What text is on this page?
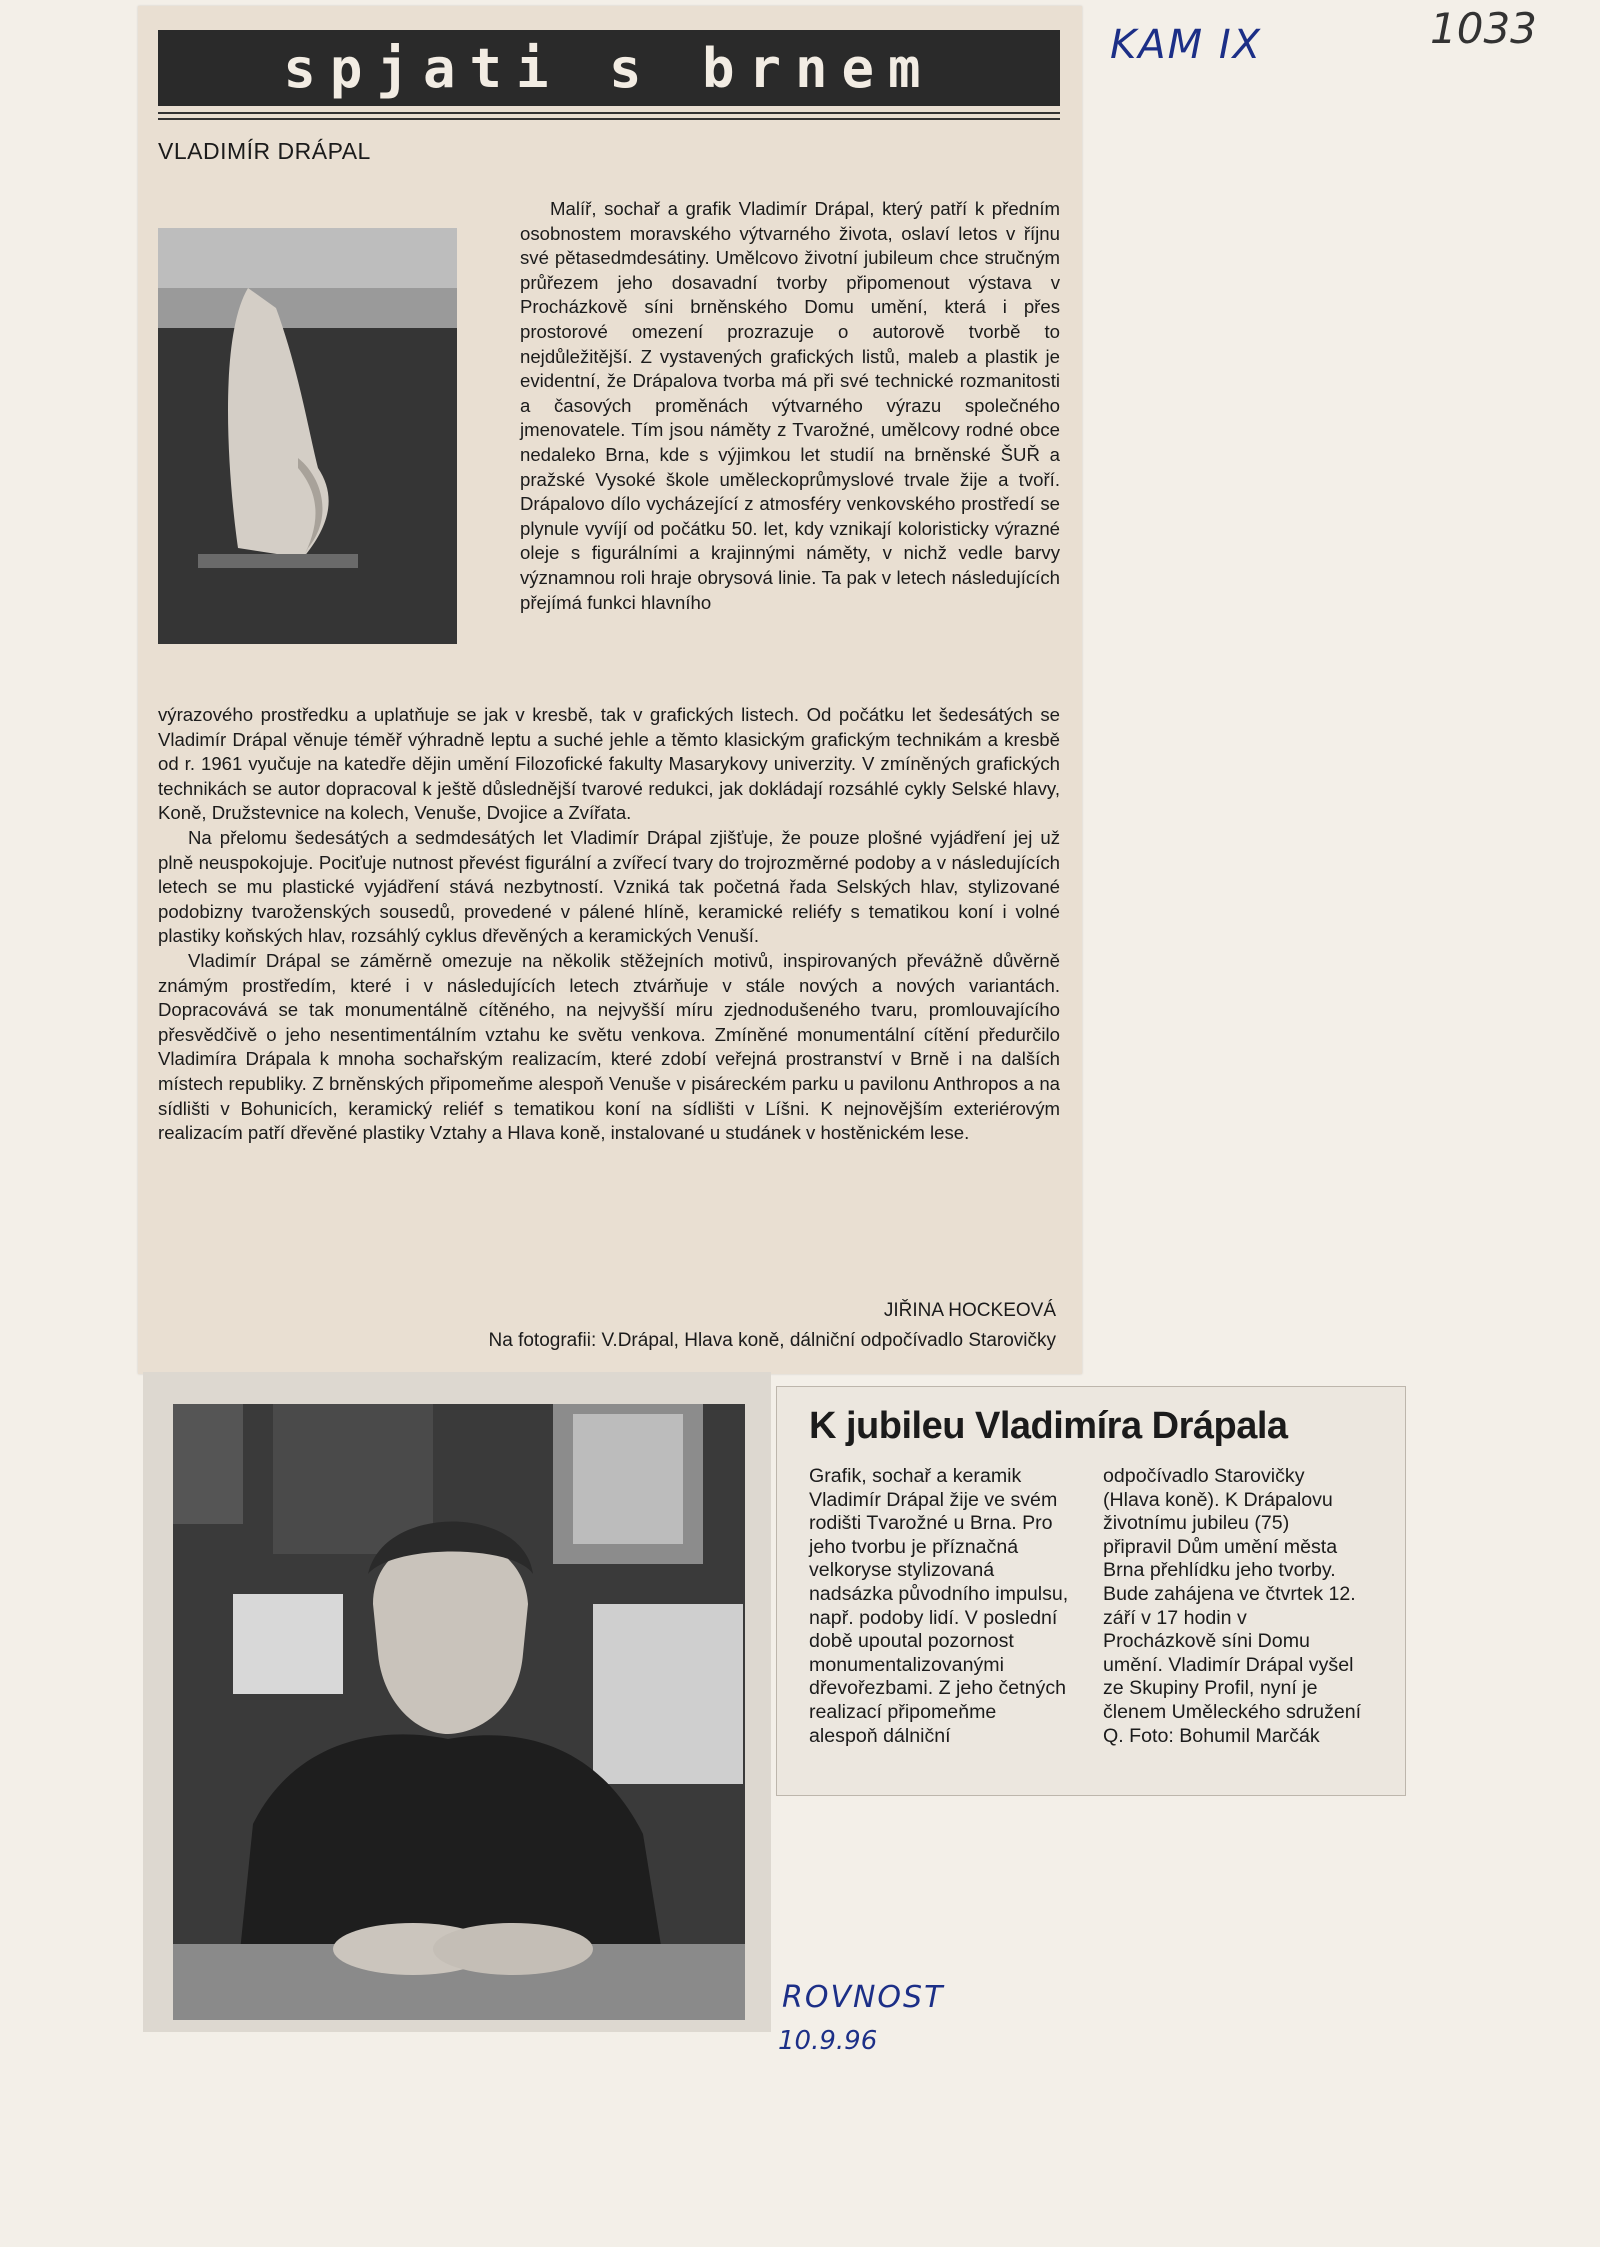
spjati s brnem
VLADIMÍR DRÁPAL

Malíř, sochař a grafik Vladimír Drápal, který patří k předním osobnostem moravského výtvarného života, oslaví letos v říjnu své pětasedmdesátiny. Umělcovo životní jubileum chce stručným průřezem jeho dosavadní tvorby připomenout výstava v Procházkově síni brněnského Domu umění, která i přes prostorové omezení prozrazuje o autorově tvorbě to nejdůležitější. Z vystavených grafických listů, maleb a plastik je evidentní, že Drápalova tvorba má při své technické rozmanitosti a časových proměnách výtvarného výrazu společného jmenovatele. Tím jsou náměty z Tvarožné, umělcovy rodné obce nedaleko Brna, kde s výjimkou let studií na brněnské ŠUŘ a pražské Vysoké škole uměleckoprůmyslové trvale žije a tvoří. Drápalovo dílo vycházející z atmosféry venkovského prostředí se plynule vyvíjí od počátku 50. let, kdy vznikají koloristicky výrazné oleje s figurálními a krajinnými náměty, v nichž vedle barvy významnou roli hraje obrysová linie. Ta pak v letech následujících přejímá funkci hlavního

výrazového prostředku a uplatňuje se jak v kresbě, tak v grafických listech. Od počátku let šedesátých se Vladimír Drápal věnuje téměř výhradně leptu a suché jehle a těmto klasickým grafickým technikám a kresbě od r. 1961 vyučuje na katedře dějin umění Filozofické fakulty Masarykovy univerzity. V zmíněných grafických technikách se autor dopracoval k ještě důslednější tvarové redukci, jak dokládají rozsáhlé cykly Selské hlavy, Koně, Družstevnice na kolech, Venuše, Dvojice a Zvířata.

Na přelomu šedesátých a sedmdesátých let Vladimír Drápal zjišťuje, že pouze plošné vyjádření jej už plně neuspokojuje. Pociťuje nutnost převést figurální a zvířecí tvary do trojrozměrné podoby a v následujících letech se mu plastické vyjádření stává nezbytností. Vzniká tak početná řada Selských hlav, stylizované podobizny tvaroženských sousedů, provedené v pálené hlíně, keramické reliéfy s tematikou koní i volné plastiky koňských hlav, rozsáhlý cyklus dřevěných a keramických Venuší.

Vladimír Drápal se záměrně omezuje na několik stěžejních motivů, inspirovaných převážně důvěrně známým prostředím, které i v následujících letech ztvárňuje v stále nových a nových variantách. Dopracovává se tak monumentálně cítěného, na nejvyšší míru zjednodušeného tvaru, promlouvajícího přesvědčivě o jeho nesentimentálním vztahu ke světu venkova. Zmíněné monumentální cítění předurčilo Vladimíra Drápala k mnoha sochařským realizacím, které zdobí veřejná prostranství v Brně i na dalších místech republiky. Z brněnských připomeňme alespoň Venuše v pisáreckém parku u pavilonu Anthropos a na sídlišti v Bohunicích, keramický reliéf s tematikou koní na sídlišti v Líšni. K nejnovějším exteriérovým realizacím patří dřevěné plastiky Vztahy a Hlava koně, instalované u studánek v hostěnickém lese.

JIŘINA HOCKEOVÁ
Na fotografii: V.Drápal, Hlava koně, dálniční odpočívadlo Starovičky
K jubileu Vladimíra Drápala
Grafik, sochař a keramik Vladimír Drápal žije ve svém rodišti Tvarožné u Brna. Pro jeho tvorbu je příznačná velkoryse stylizovaná nadsázka původního impulsu, např. podoby lidí. V poslední době upoutal pozornost monumentalizovanými dřevořezbami. Z jeho četných realizací připomeňme alespoň dálniční
odpočívadlo Starovičky (Hlava koně). K Drápalovu životnímu jubileu (75) připravil Dům umění města Brna přehlídku jeho tvorby. Bude zahájena ve čtvrtek 12. září v 17 hodin v Procházkově síni Domu umění. Vladimír Drápal vyšel ze Skupiny Profil, nyní je členem Uměleckého sdružení Q. Foto: Bohumil Marčák
KAM IX	1033
ROVNOST
10.9.96
